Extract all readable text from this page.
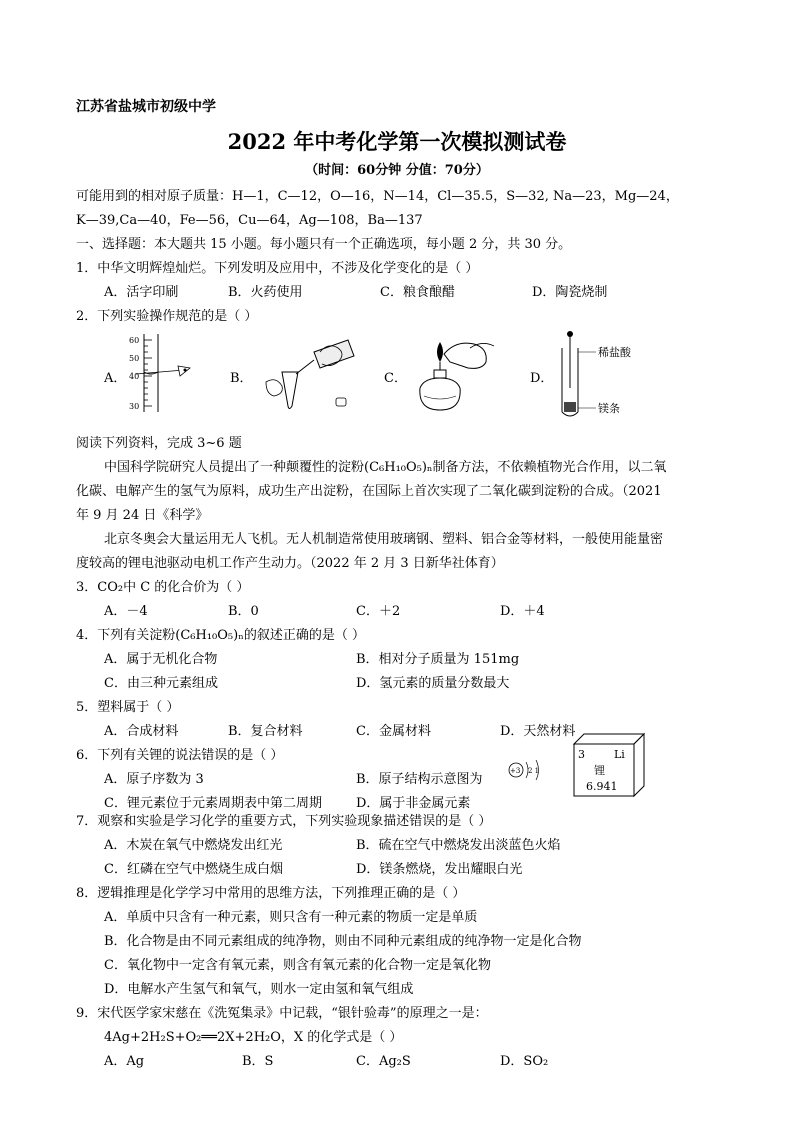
江苏省盐城市初级中学
2022 年中考化学第一次模拟测试卷
（时间：60分钟 分值：70分）
可能用到的相对原子质量：H—1，C—12，O—16，N—14，Cl—35.5，S—32, Na—23，Mg—24，
K—39,Ca—40，Fe—56，Cu—64，Ag—108，Ba—137
一、选择题：本大题共 15 小题。每小题只有一个正确选项，每小题 2 分，共 30 分。
1．中华文明辉煌灿烂。下列发明及应用中，不涉及化学变化的是（ ）
A．活字印刷	B．火药使用	C．粮食酿醋	D．陶瓷烧制
2．下列实验操作规范的是（ ）
A．	B．	C．	D．
60
50
40
30
稀盐酸
镁条
阅读下列资料，完成 3~6 题
中国科学院研究人员提出了一种颠覆性的淀粉(C₆H₁₀O₅)ₙ制备方法，不依赖植物光合作用，以二氧
化碳、电解产生的氢气为原料，成功生产出淀粉，在国际上首次实现了二氧化碳到淀粉的合成。（2021
年 9 月 24 日《科学》
北京冬奥会大量运用无人飞机。无人机制造常使用玻璃钢、塑料、铝合金等材料，一般使用能量密
度较高的锂电池驱动电机工作产生动力。（2022 年 2 月 3 日新华社体育）
3．CO₂中 C 的化合价为（ ）
A．－4	B．0	C．＋2	D．＋4
4．下列有关淀粉(C₆H₁₀O₅)ₙ的叙述正确的是（ ）
A．属于无机化合物	B．相对分子质量为 151mg
C．由三种元素组成	D．氢元素的质量分数最大
5．塑料属于（ ）
A．合成材料	B．复合材料	C．金属材料	D．天然材料
6．下列有关锂的说法错误的是（ ）
A．原子序数为 3	B．原子结构示意图为
C．锂元素位于元素周期表中第二周期	D．属于非金属元素
+3 2 1
3	Li
锂
6.941
7．观察和实验是学习化学的重要方式，下列实验现象描述错误的是（ ）
A．木炭在氧气中燃烧发出红光	B．硫在空气中燃烧发出淡蓝色火焰
C．红磷在空气中燃烧生成白烟	D．镁条燃烧，发出耀眼白光
8．逻辑推理是化学学习中常用的思维方法，下列推理正确的是（ ）
A．单质中只含有一种元素，则只含有一种元素的物质一定是单质
B．化合物是由不同元素组成的纯净物，则由不同种元素组成的纯净物一定是化合物
C．氧化物中一定含有氧元素，则含有氧元素的化合物一定是氧化物
D．电解水产生氢气和氧气，则水一定由氢和氧气组成
9．宋代医学家宋慈在《洗冤集录》中记载，“银针验毒”的原理之一是：
4Ag+2H₂S+O₂══2X+2H₂O，X 的化学式是（ ）
A．Ag	B．S	C．Ag₂S	D．SO₂
